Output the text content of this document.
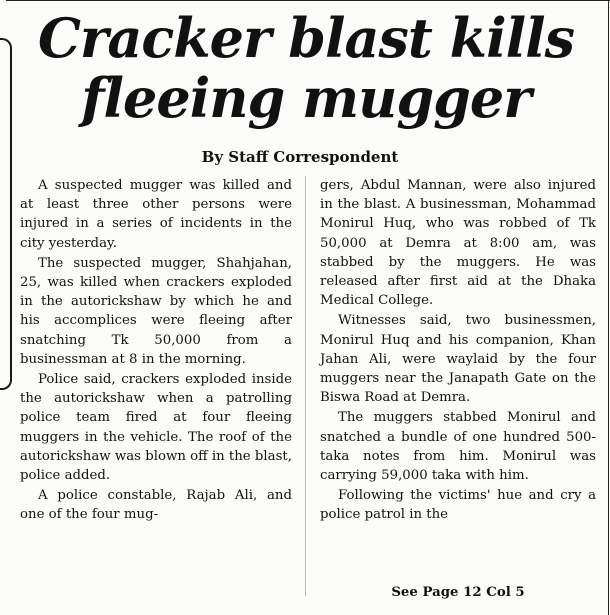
Cracker blast kills
fleeing mugger

By Staff Correspondent

A suspected mugger was killed and at least three other persons were injured in a series of incidents in the city yesterday.

The suspected mugger, Shahjahan, 25, was killed when crackers exploded in the autorickshaw by which he and his accomplices were fleeing after snatching Tk 50,000 from a businessman at 8 in the morning.

Police said, crackers exploded inside the autorickshaw when a patrolling police team fired at four fleeing muggers in the vehicle. The roof of the autorickshaw was blown off in the blast, police added.

A police constable, Rajab Ali, and one of the four mug-

gers, Abdul Mannan, were also injured in the blast. A businessman, Mohammad Monirul Huq, who was robbed of Tk 50,000 at Demra at 8:00 am, was stabbed by the muggers. He was released after first aid at the Dhaka Medical College.

Witnesses said, two businessmen, Monirul Huq and his companion, Khan Jahan Ali, were waylaid by the four muggers near the Janapath Gate on the Biswa Road at Demra.

The muggers stabbed Monirul and snatched a bundle of one hundred 500- taka notes from him. Monirul was carrying 59,000 taka with him.

Following the victims' hue and cry a police patrol in the

See Page 12 Col 5
